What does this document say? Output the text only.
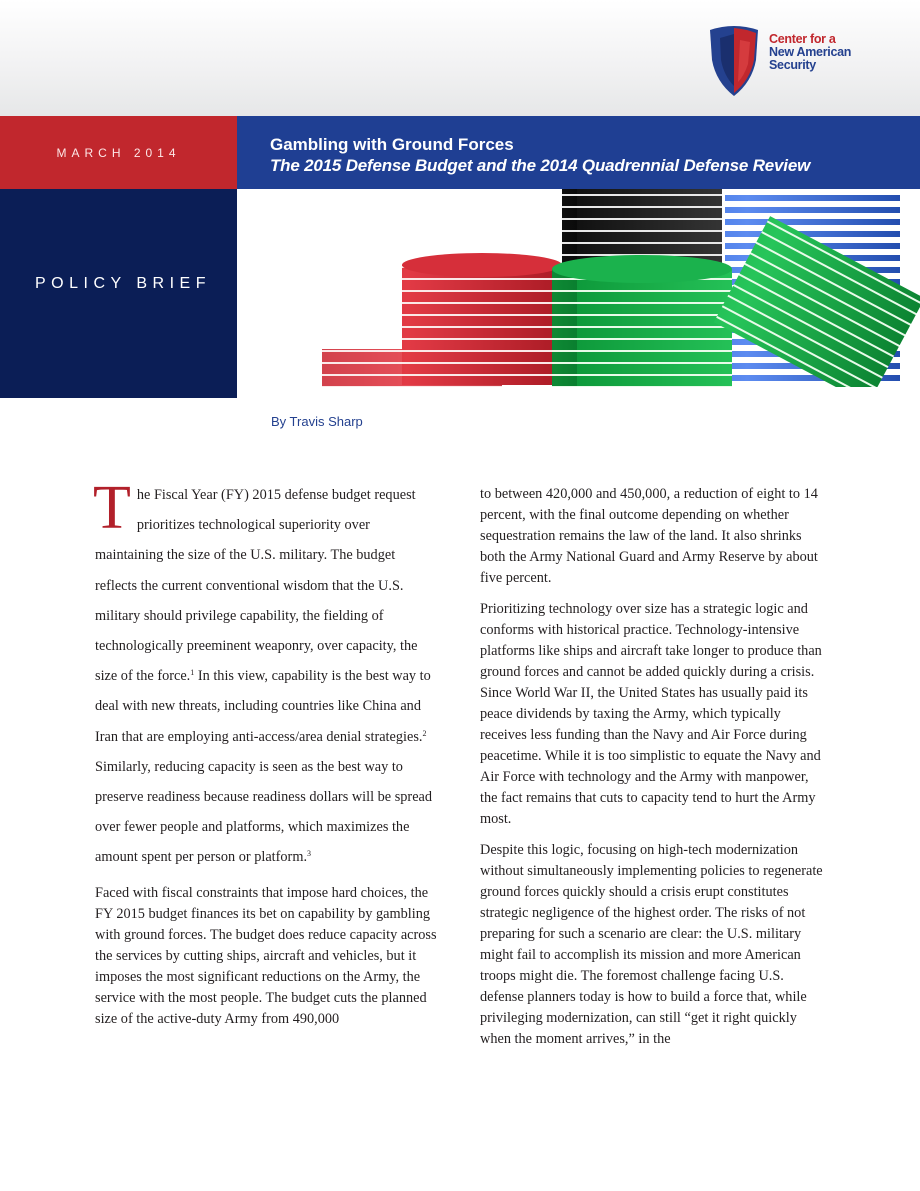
Center for a
New American
Security
MARCH 2014	Gambling with Ground Forces
The 2015 Defense Budget and the 2014 Quadrennial Defense Review
POLICY BRIEF
By Travis Sharp

T he Fiscal Year (FY) 2015 defense budget request prioritizes technological superiority over maintaining the size of the U.S. military. The budget reflects the current conventional wisdom that the U.S. military should privilege capability, the fielding of technologically preeminent weaponry, over capacity, the size of the force.$^1$ In this view, capability is the best way to deal with new threats, including countries like China and Iran that are employing anti-access/area denial strategies.$^2$ Similarly, reducing capacity is seen as the best way to preserve readiness because readiness dollars will be spread over fewer people and platforms, which maximizes the amount spent per person or platform.$^3$

Faced with fiscal constraints that impose hard choices, the FY 2015 budget finances its bet on capability by gambling with ground forces. The budget does reduce capacity across the services by cutting ships, aircraft and vehicles, but it imposes the most significant reductions on the Army, the service with the most people. The budget cuts the planned size of the active-duty Army from 490,000

to between 420,000 and 450,000, a reduction of eight to 14 percent, with the final outcome depending on whether sequestration remains the law of the land. It also shrinks both the Army National Guard and Army Reserve by about five percent.

Prioritizing technology over size has a strategic logic and conforms with historical practice. Technology-intensive platforms like ships and aircraft take longer to produce than ground forces and cannot be added quickly during a crisis. Since World War II, the United States has usually paid its peace dividends by taxing the Army, which typically receives less funding than the Navy and Air Force during peacetime. While it is too simplistic to equate the Navy and Air Force with technology and the Army with manpower, the fact remains that cuts to capacity tend to hurt the Army most.

Despite this logic, focusing on high-tech modernization without simultaneously implementing policies to regenerate ground forces quickly should a crisis erupt constitutes strategic negligence of the highest order. The risks of not preparing for such a scenario are clear: the U.S. military might fail to accomplish its mission and more American troops might die. The foremost challenge facing U.S. defense planners today is how to build a force that, while privileging modernization, can still “get it right quickly when the moment arrives,” in the
